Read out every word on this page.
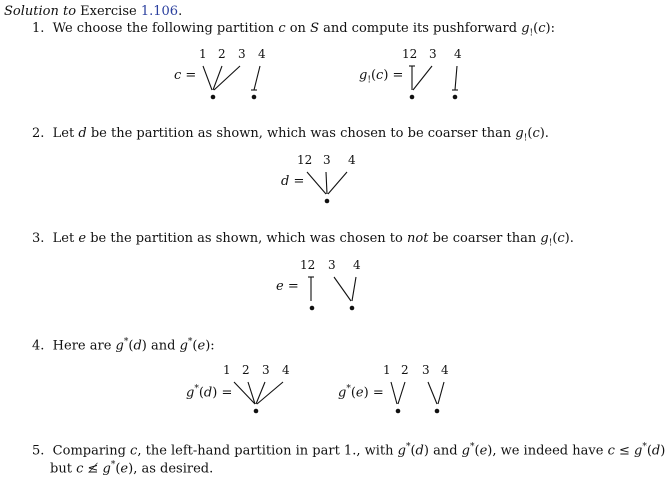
Solution to Exercise 1.106.
1. We choose the following partition c on S and compute its pushforward $g_!(c)$:
c =
1 2 3 4
$g_!(c)$ =
12 3 4
2. Let d be the partition as shown, which was chosen to be coarser than $g_!(c)$.
d =
12 3 4
3. Let e be the partition as shown, which was chosen to not be coarser than $g_!(c)$.
e =
12 3 4
4. Here are g*(d) and g*(e):
g*(d) =
1 2 3 4
g*(e) =
1 2 3 4
5. Comparing c, the left-hand partition in part 1., with g*(d) and g*(e), we indeed have c ≤ g*(d)
but c ≰ g*(e), as desired.
